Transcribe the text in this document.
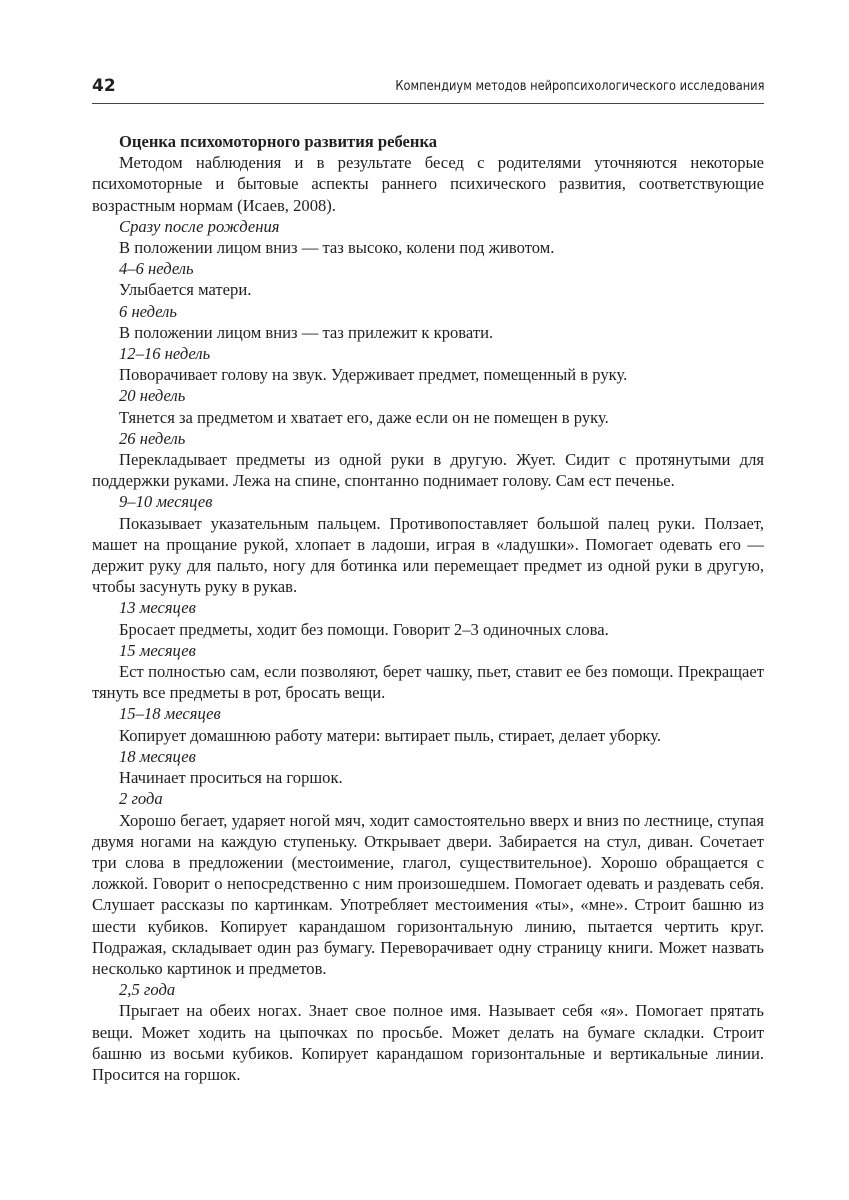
42	Компендиум методов нейропсихологического исследования
Оценка психомоторного развития ребенка

Методом наблюдения и в результате бесед с родителями уточняются некоторые психомоторные и бытовые аспекты раннего психического развития, соответствующие возрастным нормам (Исаев, 2008).

Сразу после рождения

В положении лицом вниз — таз высоко, колени под животом.

4–6 недель

Улыбается матери.

6 недель

В положении лицом вниз — таз прилежит к кровати.

12–16 недель

Поворачивает голову на звук. Удерживает предмет, помещенный в руку.

20 недель

Тянется за предметом и хватает его, даже если он не помещен в руку.

26 недель

Перекладывает предметы из одной руки в другую. Жует. Сидит с протянутыми для поддержки руками. Лежа на спине, спонтанно поднимает голову. Сам ест печенье.

9–10 месяцев

Показывает указательным пальцем. Противопоставляет большой палец руки. Ползает, машет на прощание рукой, хлопает в ладоши, играя в «ладушки». Помогает одевать его — держит руку для пальто, ногу для ботинка или перемещает предмет из одной руки в другую, чтобы засунуть руку в рукав.

13 месяцев

Бросает предметы, ходит без помощи. Говорит 2–3 одиночных слова.

15 месяцев

Ест полностью сам, если позволяют, берет чашку, пьет, ставит ее без помощи. Прекращает тянуть все предметы в рот, бросать вещи.

15–18 месяцев

Копирует домашнюю работу матери: вытирает пыль, стирает, делает уборку.

18 месяцев

Начинает проситься на горшок.

2 года

Хорошо бегает, ударяет ногой мяч, ходит самостоятельно вверх и вниз по лестнице, ступая двумя ногами на каждую ступеньку. Открывает двери. Забирается на стул, диван. Сочетает три слова в предложении (местоимение, глагол, существительное). Хорошо обращается с ложкой. Говорит о непосредственно с ним произошедшем. Помогает одевать и раздевать себя. Слушает рассказы по картинкам. Употребляет местоимения «ты», «мне». Строит башню из шести кубиков. Копирует карандашом горизонтальную линию, пытается чертить круг. Подражая, складывает один раз бумагу. Переворачивает одну страницу книги. Может назвать несколько картинок и предметов.

2,5 года

Прыгает на обеих ногах. Знает свое полное имя. Называет себя «я». Помогает прятать вещи. Может ходить на цыпочках по просьбе. Может делать на бумаге складки. Строит башню из восьми кубиков. Копирует карандашом горизонтальные и вертикальные линии. Просится на горшок.
